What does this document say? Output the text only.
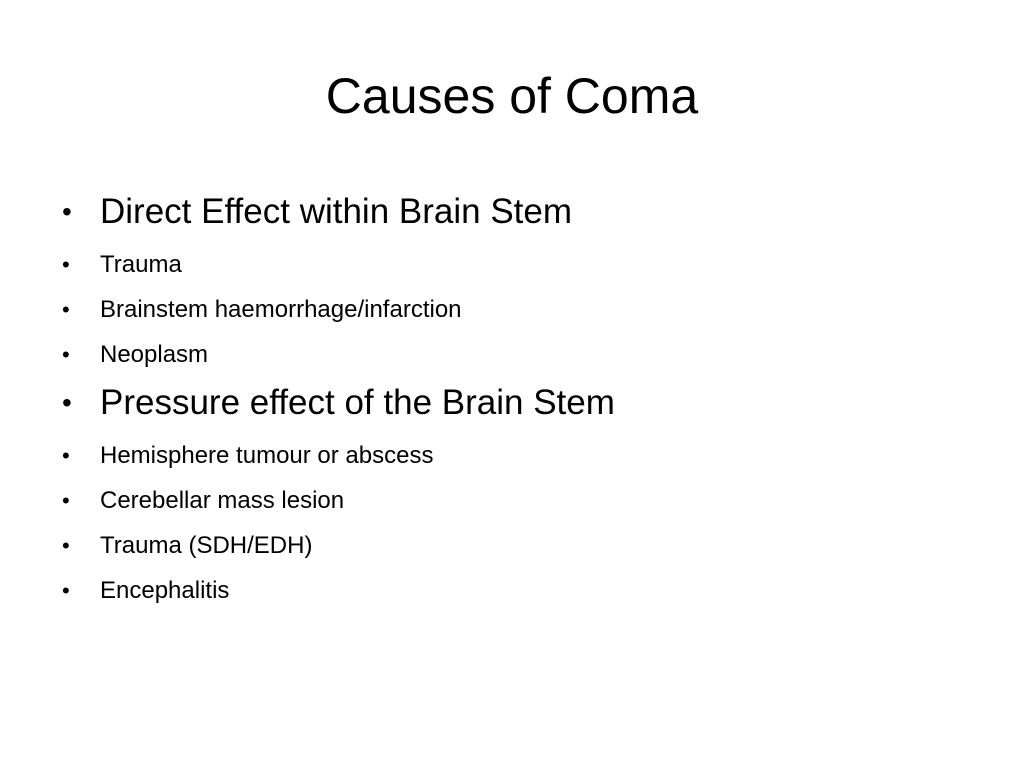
Causes of Coma
• Direct Effect within Brain Stem
• Trauma
• Brainstem haemorrhage/infarction
• Neoplasm
• Pressure effect of the Brain Stem
• Hemisphere tumour or abscess
• Cerebellar mass lesion
• Trauma (SDH/EDH)
• Encephalitis
